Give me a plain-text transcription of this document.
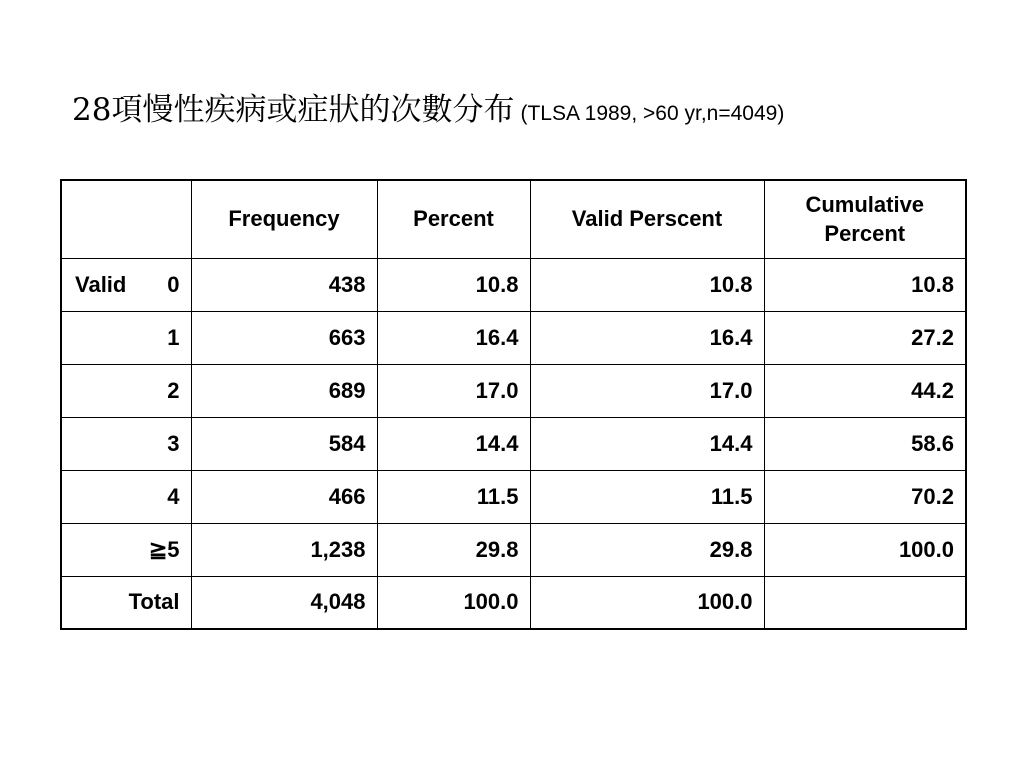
28項慢性疾病或症狀的次數分布 (TLSA 1989, >60 yr,n=4049)
	Frequency	Percent	Valid Perscent	Cumulative
Percent

Valid 0	438	10.8	10.8	10.8
1	663	16.4	16.4	27.2
2	689	17.0	17.0	44.2
3	584	14.4	14.4	58.6
4	466	11.5	11.5	70.2
≧5	1,238	29.8	29.8	100.0
Total	4,048	100.0	100.0	
